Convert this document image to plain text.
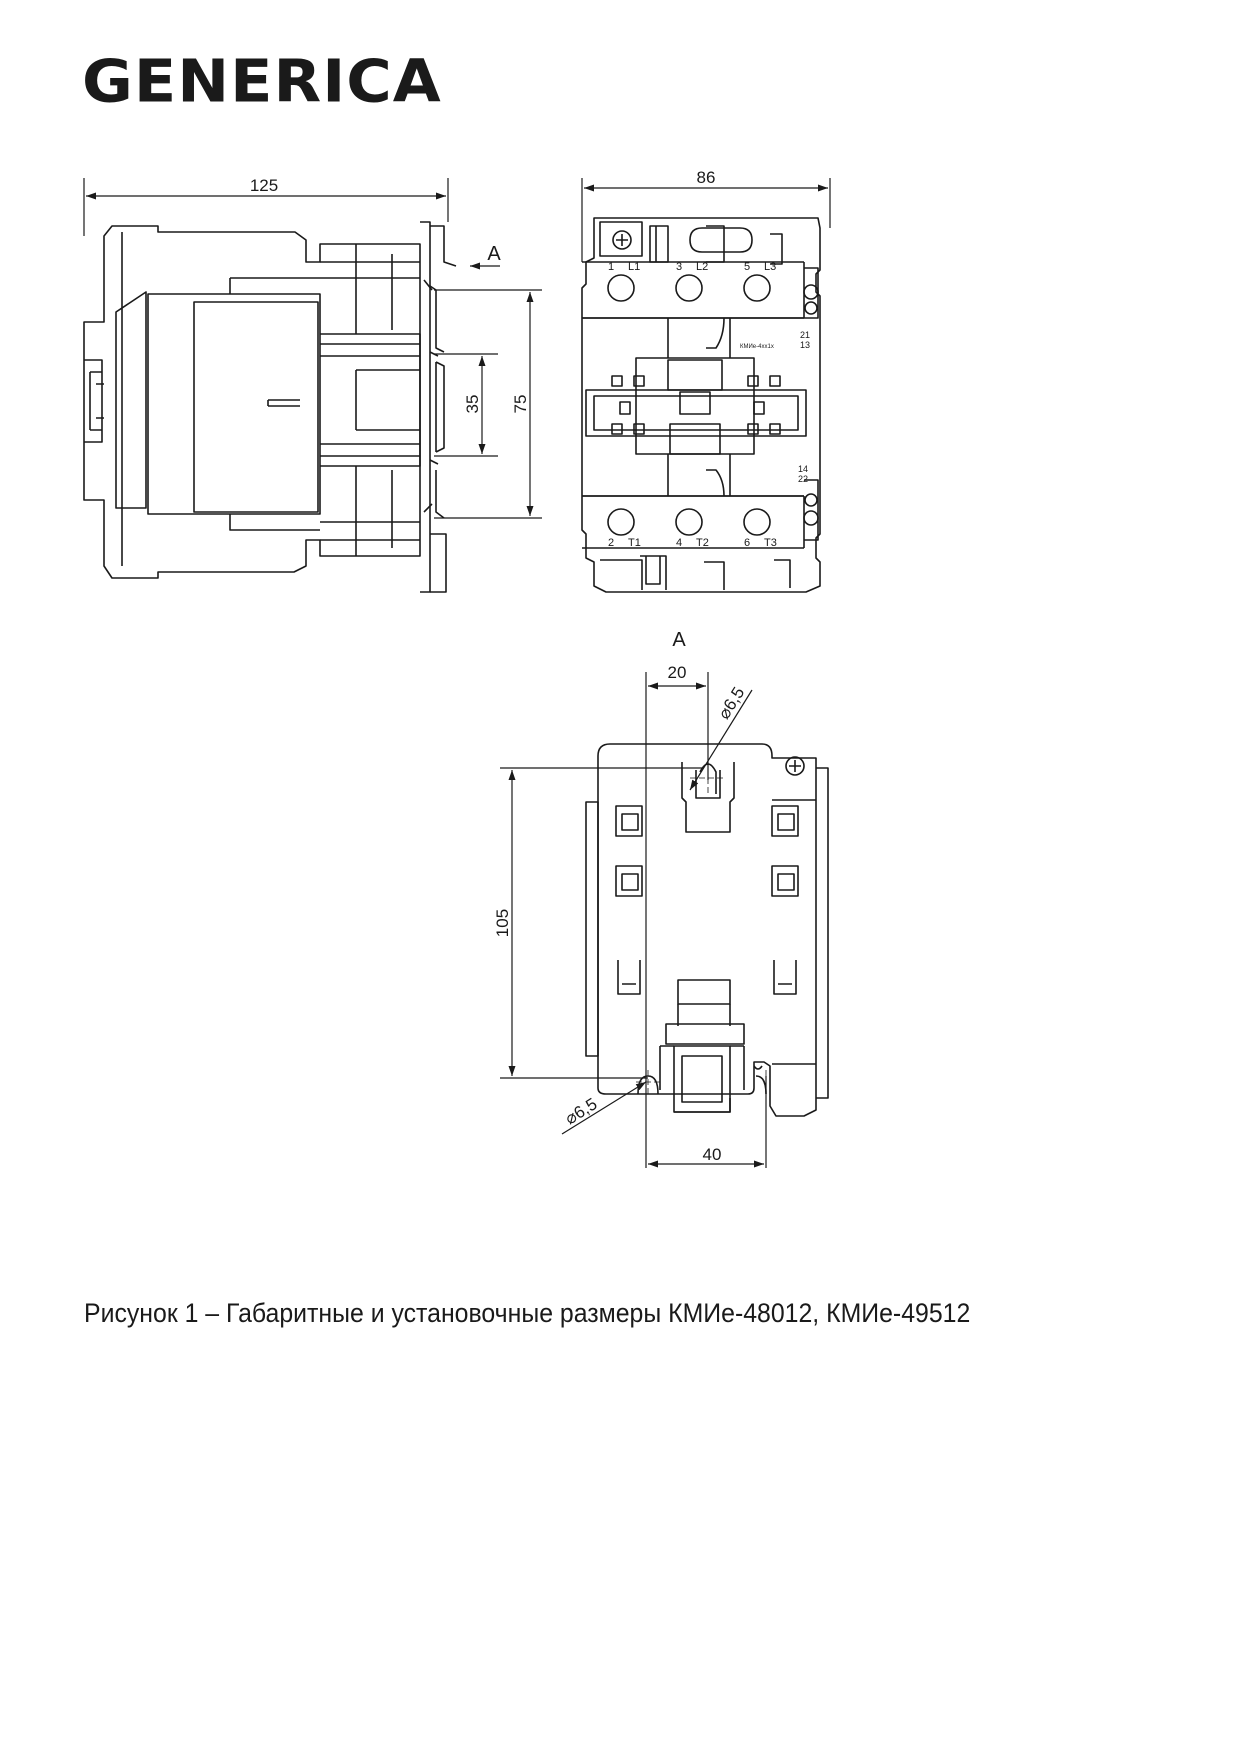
GENERICA
125
A
35 75
86
1 L1	3 L2	5 L3
2 T1	4 T2	6 T3
21
13
14
22
КМИе-4xx1x
A
20
⌀6,5
105
⌀6,5
40
Рисунок 1 – Габаритные и установочные размеры КМИе-48012, КМИе-49512
